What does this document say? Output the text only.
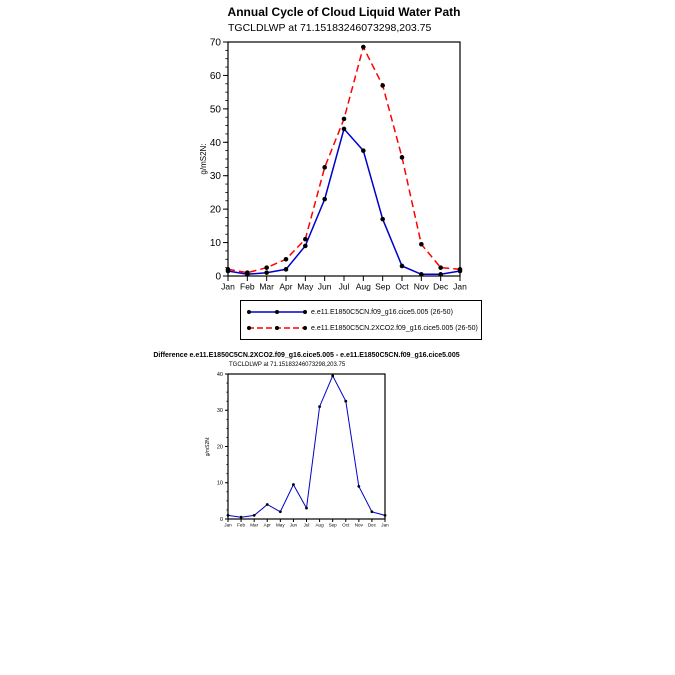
Annual Cycle of Cloud Liquid Water Path
TGCLDLWP at 71.15183246073298,203.75
0
10
20
30
40
50
60
70
Jan Feb Mar Apr May Jun Jul Aug Sep Oct Nov Dec Jan
g/mS2N:
e.e11.E1850C5CN.f09_g16.cice5.005 (26-50)
e.e11.E1850C5CN.2XCO2.f09_g16.cice5.005 (26-50)
Difference e.e11.E1850C5CN.2XCO2.f09_g16.cice5.005 - e.e11.E1850C5CN.f09_g16.cice5.005
TGCLDLWP at 71.15183246073298,203.75
0
10
20
30
40
Jan Feb Mar Apr May Jun Jul Aug Sep Oct Nov Dec Jan
g/mS2N:
